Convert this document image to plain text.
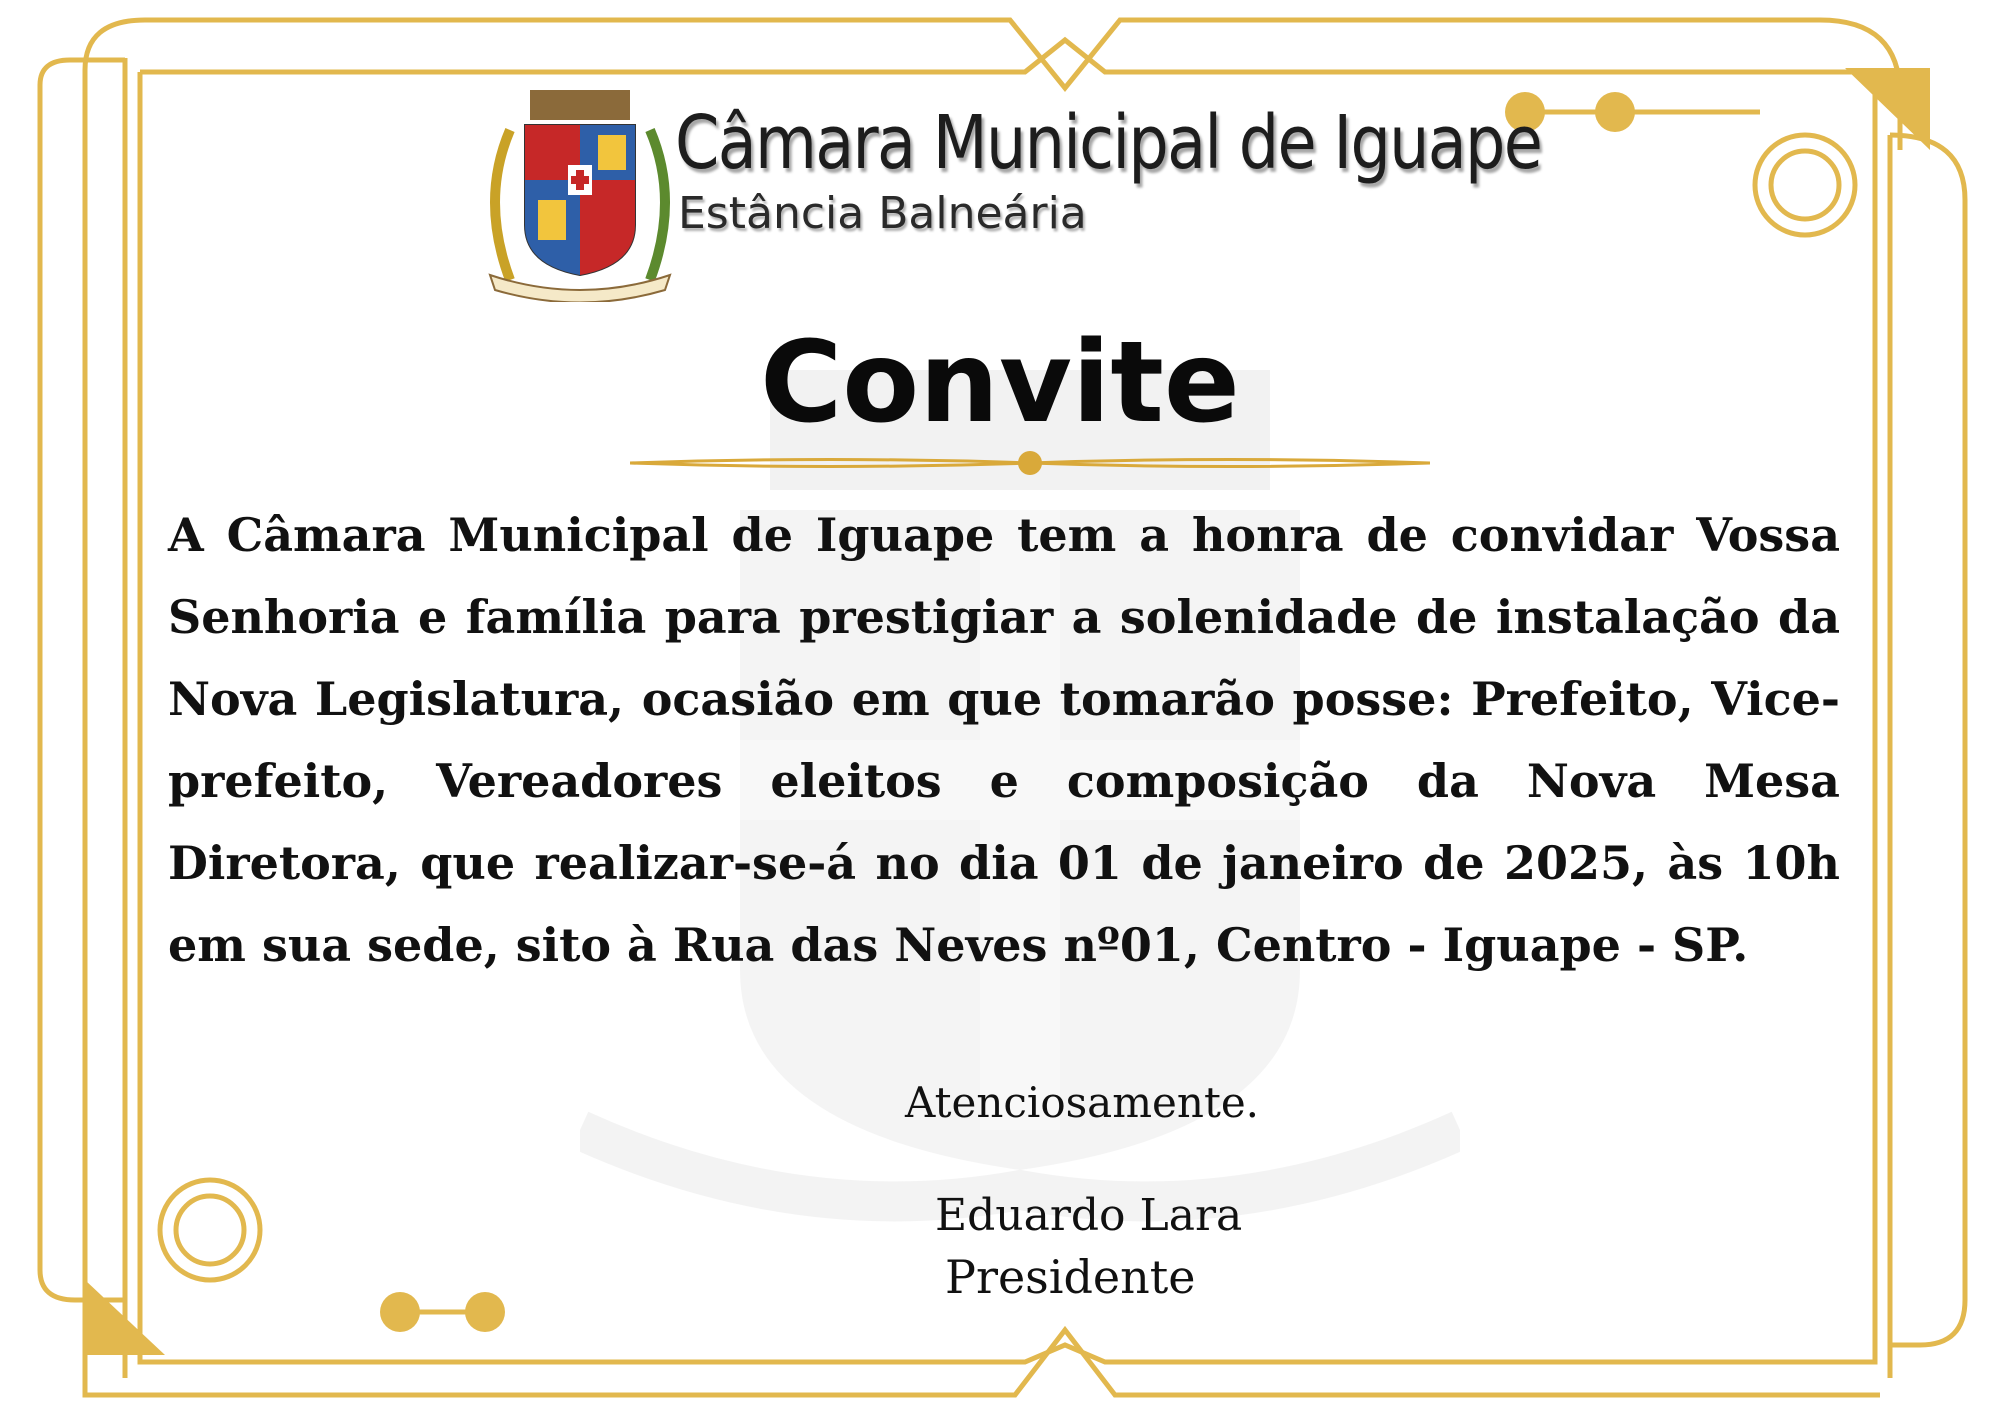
Câmara Municipal de Iguape
Estância Balneária
Convite
A Câmara Municipal de Iguape tem a honra de convidar Vossa Senhoria e família para prestigiar a solenidade de instalação da Nova Legislatura, ocasião em que tomarão posse: Prefeito, Vice-prefeito, Vereadores eleitos e composição da Nova Mesa Diretora, que realizar-se-á no dia 01 de janeiro de 2025, às 10h em sua sede, sito à Rua das Neves nº01, Centro - Iguape - SP.
Atenciosamente.
Eduardo Lara
Presidente
